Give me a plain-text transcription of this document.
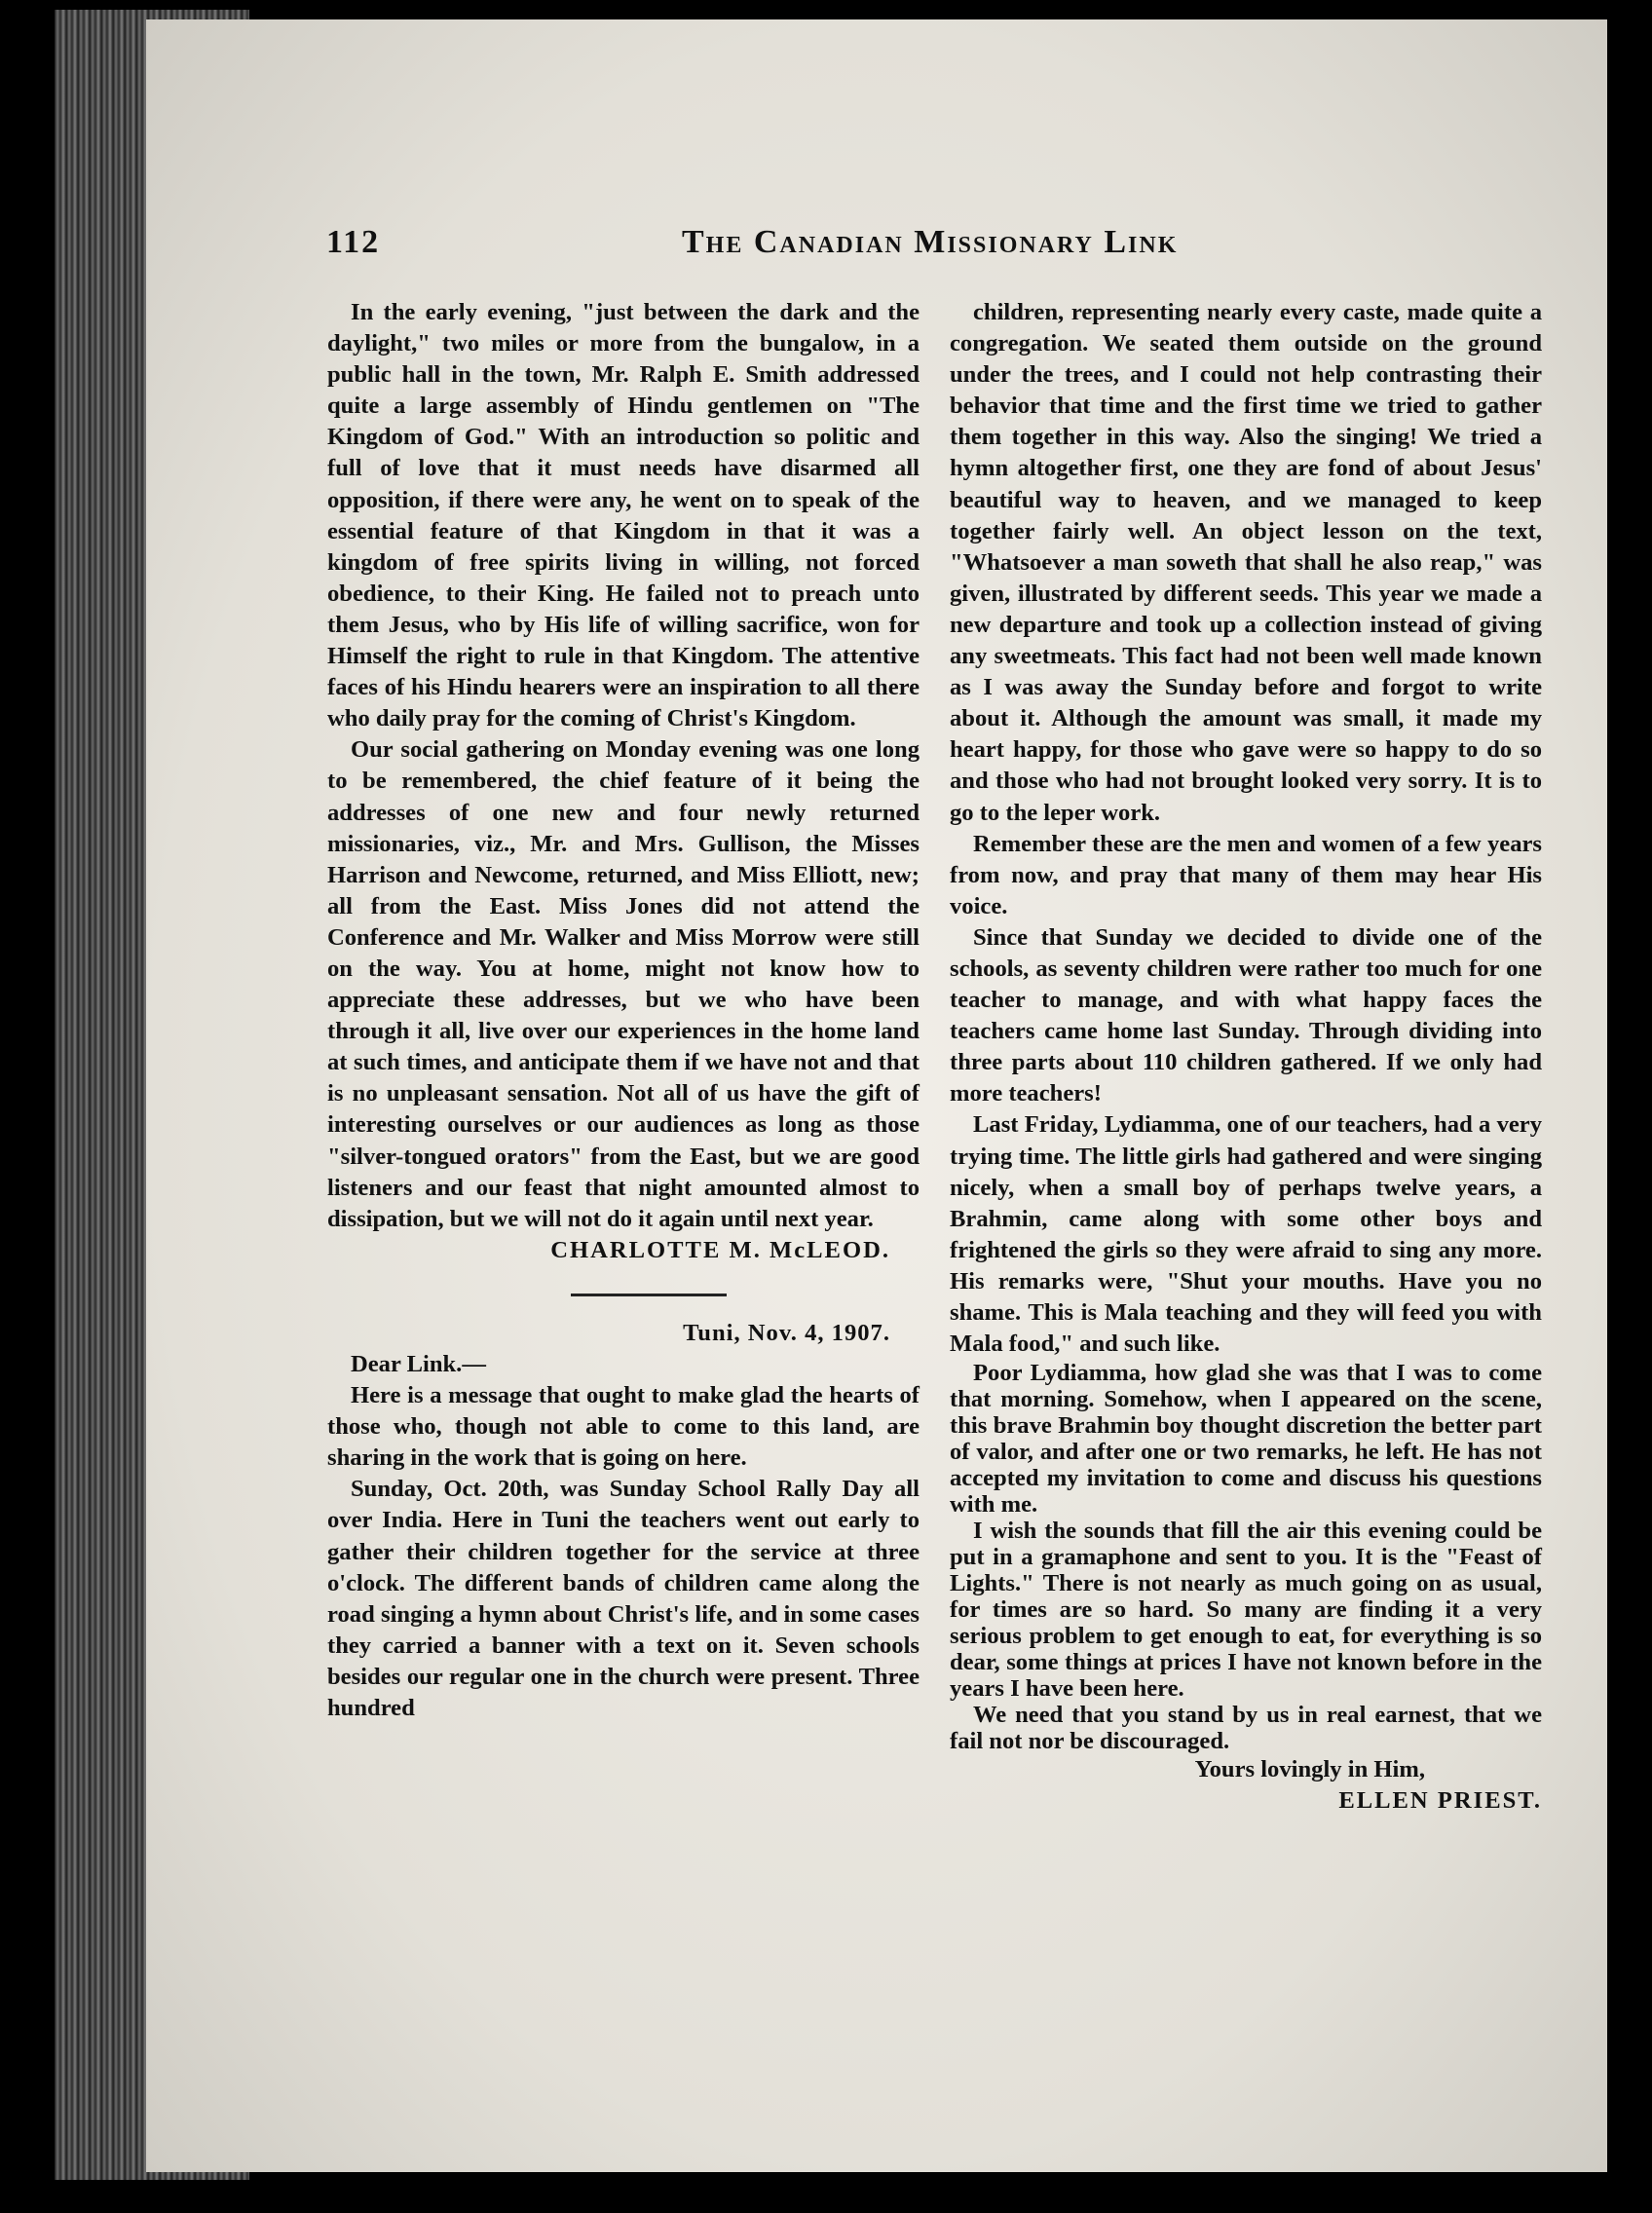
112	The Canadian Missionary Link

In the early evening, "just between the dark and the daylight," two miles or more from the bungalow, in a public hall in the town, Mr. Ralph E. Smith addressed quite a large assembly of Hindu gentlemen on "The Kingdom of God." With an introduction so politic and full of love that it must needs have disarmed all opposition, if there were any, he went on to speak of the essential feature of that Kingdom in that it was a kingdom of free spirits living in willing, not forced obedience, to their King. He failed not to preach unto them Jesus, who by His life of willing sacrifice, won for Himself the right to rule in that Kingdom. The attentive faces of his Hindu hearers were an inspiration to all there who daily pray for the coming of Christ's Kingdom.

Our social gathering on Monday evening was one long to be remembered, the chief feature of it being the addresses of one new and four newly returned missionaries, viz., Mr. and Mrs. Gullison, the Misses Harrison and Newcome, returned, and Miss Elliott, new; all from the East. Miss Jones did not attend the Conference and Mr. Walker and Miss Morrow were still on the way. You at home, might not know how to appreciate these addresses, but we who have been through it all, live over our experiences in the home land at such times, and anticipate them if we have not and that is no unpleasant sensation. Not all of us have the gift of interesting ourselves or our audiences as long as those "silver-tongued orators" from the East, but we are good listeners and our feast that night amounted almost to dissipation, but we will not do it again until next year.

CHARLOTTE M. McLEOD.

Tuni, Nov. 4, 1907.

Dear Link.—

Here is a message that ought to make glad the hearts of those who, though not able to come to this land, are sharing in the work that is going on here.

Sunday, Oct. 20th, was Sunday School Rally Day all over India. Here in Tuni the teachers went out early to gather their children together for the service at three o'clock. The different bands of children came along the road singing a hymn about Christ's life, and in some cases they carried a banner with a text on it. Seven schools besides our regular one in the church were present. Three hundred

children, representing nearly every caste, made quite a congregation. We seated them outside on the ground under the trees, and I could not help contrasting their behavior that time and the first time we tried to gather them together in this way. Also the singing! We tried a hymn altogether first, one they are fond of about Jesus' beautiful way to heaven, and we managed to keep together fairly well. An object lesson on the text, "Whatsoever a man soweth that shall he also reap," was given, illustrated by different seeds. This year we made a new departure and took up a collection instead of giving any sweetmeats. This fact had not been well made known as I was away the Sunday before and forgot to write about it. Although the amount was small, it made my heart happy, for those who gave were so happy to do so and those who had not brought looked very sorry. It is to go to the leper work.

Remember these are the men and women of a few years from now, and pray that many of them may hear His voice.

Since that Sunday we decided to divide one of the schools, as seventy children were rather too much for one teacher to manage, and with what happy faces the teachers came home last Sunday. Through dividing into three parts about 110 children gathered. If we only had more teachers!

Last Friday, Lydiamma, one of our teachers, had a very trying time. The little girls had gathered and were singing nicely, when a small boy of perhaps twelve years, a Brahmin, came along with some other boys and frightened the girls so they were afraid to sing any more. His remarks were, "Shut your mouths. Have you no shame. This is Mala teaching and they will feed you with Mala food," and such like.

Poor Lydiamma, how glad she was that I was to come that morning. Somehow, when I appeared on the scene, this brave Brahmin boy thought discretion the better part of valor, and after one or two remarks, he left. He has not accepted my invitation to come and discuss his questions with me.

I wish the sounds that fill the air this evening could be put in a gramaphone and sent to you. It is the "Feast of Lights." There is not nearly as much going on as usual, for times are so hard. So many are finding it a very serious problem to get enough to eat, for everything is so dear, some things at prices I have not known before in the years I have been here.

We need that you stand by us in real earnest, that we fail not nor be discouraged.

Yours lovingly in Him,

ELLEN PRIEST.
